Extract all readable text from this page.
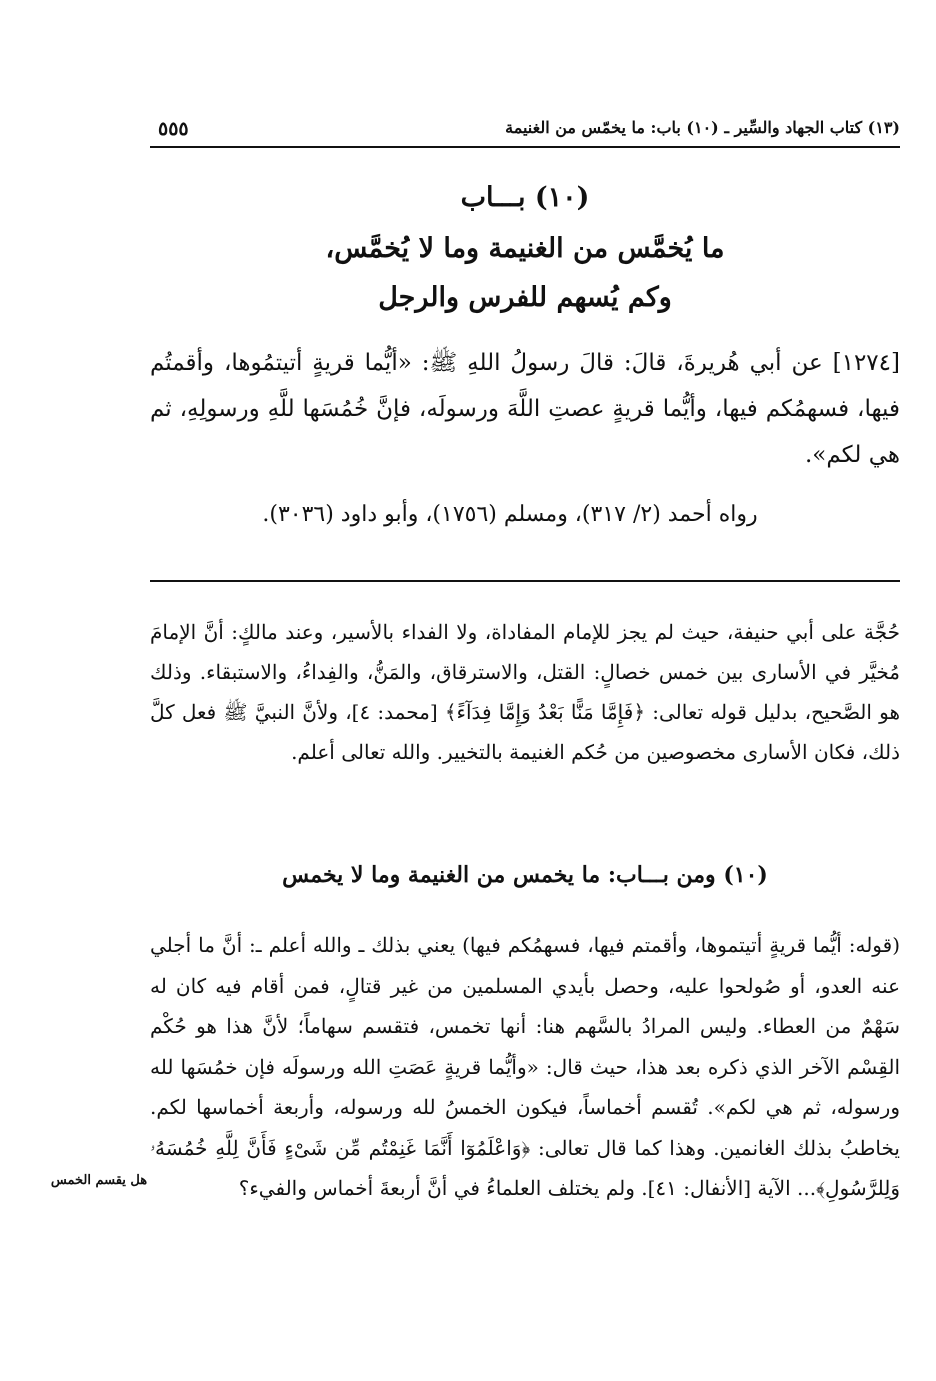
٥٥٥	(١٣) كتاب الجهاد والسِّير ـ (١٠) باب: ما يخمّس من الغنيمة
(١٠) بـــاب
ما يُخمَّس من الغنيمة وما لا يُخمَّس،
وكم يُسهم للفرس والرجل

[١٢٧٤] عن أبي هُريرةَ، قالَ: قالَ رسولُ اللهِ ﷺ: «أيُّما قريةٍ أتيتمُوها، وأقمتُم فيها، فسهمُكم فيها، وأيُّما قريةٍ عصتِ اللَّهَ ورسولَه، فإنَّ خُمُسَها للَّهِ ورسولِهِ، ثم هي لكم».

رواه أحمد (٢/ ٣١٧)، ومسلم (١٧٥٦)، وأبو داود (٣٠٣٦).

حُجَّة على أبي حنيفة، حيث لم يجز للإمام المفاداة، ولا الفداء بالأسير، وعند مالكٍ: أنَّ الإمامَ مُخيَّر في الأسارى بين خمس خصالٍ: القتل، والاسترقاق، والمَنُّ، والفِداءُ، والاستبقاء. وذلك هو الصَّحيح، بدليل قوله تعالى: ﴿فَإِمَّا مَنًّا بَعْدُ وَإِمَّا فِدَآءً﴾ [محمد: ٤]، ولأنَّ النبيَّ ﷺ فعل كلَّ ذلك، فكان الأسارى مخصوصين من حُكم الغنيمة بالتخيير. والله تعالى أعلم.

(١٠) ومن بـــاب: ما يخمس من الغنيمة وما لا يخمس

(قوله: أيُّما قريةٍ أتيتموها، وأقمتم فيها، فسهمُكم فيها) يعني بذلك ـ والله أعلم ـ: أنَّ ما أجلي عنه العدو، أو صُولحوا عليه، وحصل بأيدي المسلمين من غير قتالٍ، فمن أقام فيه كان له سَهْمٌ من العطاء. وليس المرادُ بالسَّهم هنا: أنها تخمس، فتقسم سهاماً؛ لأنَّ هذا هو حُكْم القِسْم الآخر الذي ذكره بعد هذا، حيث قال: «وأيُّما قريةٍ عَصَتِ الله ورسولَه فإن خمُسَها لله ورسوله، ثم هي لكم». تُقسم أخماساً، فيكون الخمسُ لله ورسوله، وأربعة أخماسها لكم. يخاطبُ بذلك الغانمين. وهذا كما قال تعالى: ﴿وَاعْلَمُوٓا أَنَّمَا غَنِمْتُم مِّن شَىْءٍ فَأَنَّ لِلَّهِ خُمُسَهُۥ وَلِلرَّسُولِ﴾... الآية [الأنفال: ٤١]. ولم يختلف العلماءُ في أنَّ أربعةَ أخماس والفيء؟

هل يقسم الخمس
